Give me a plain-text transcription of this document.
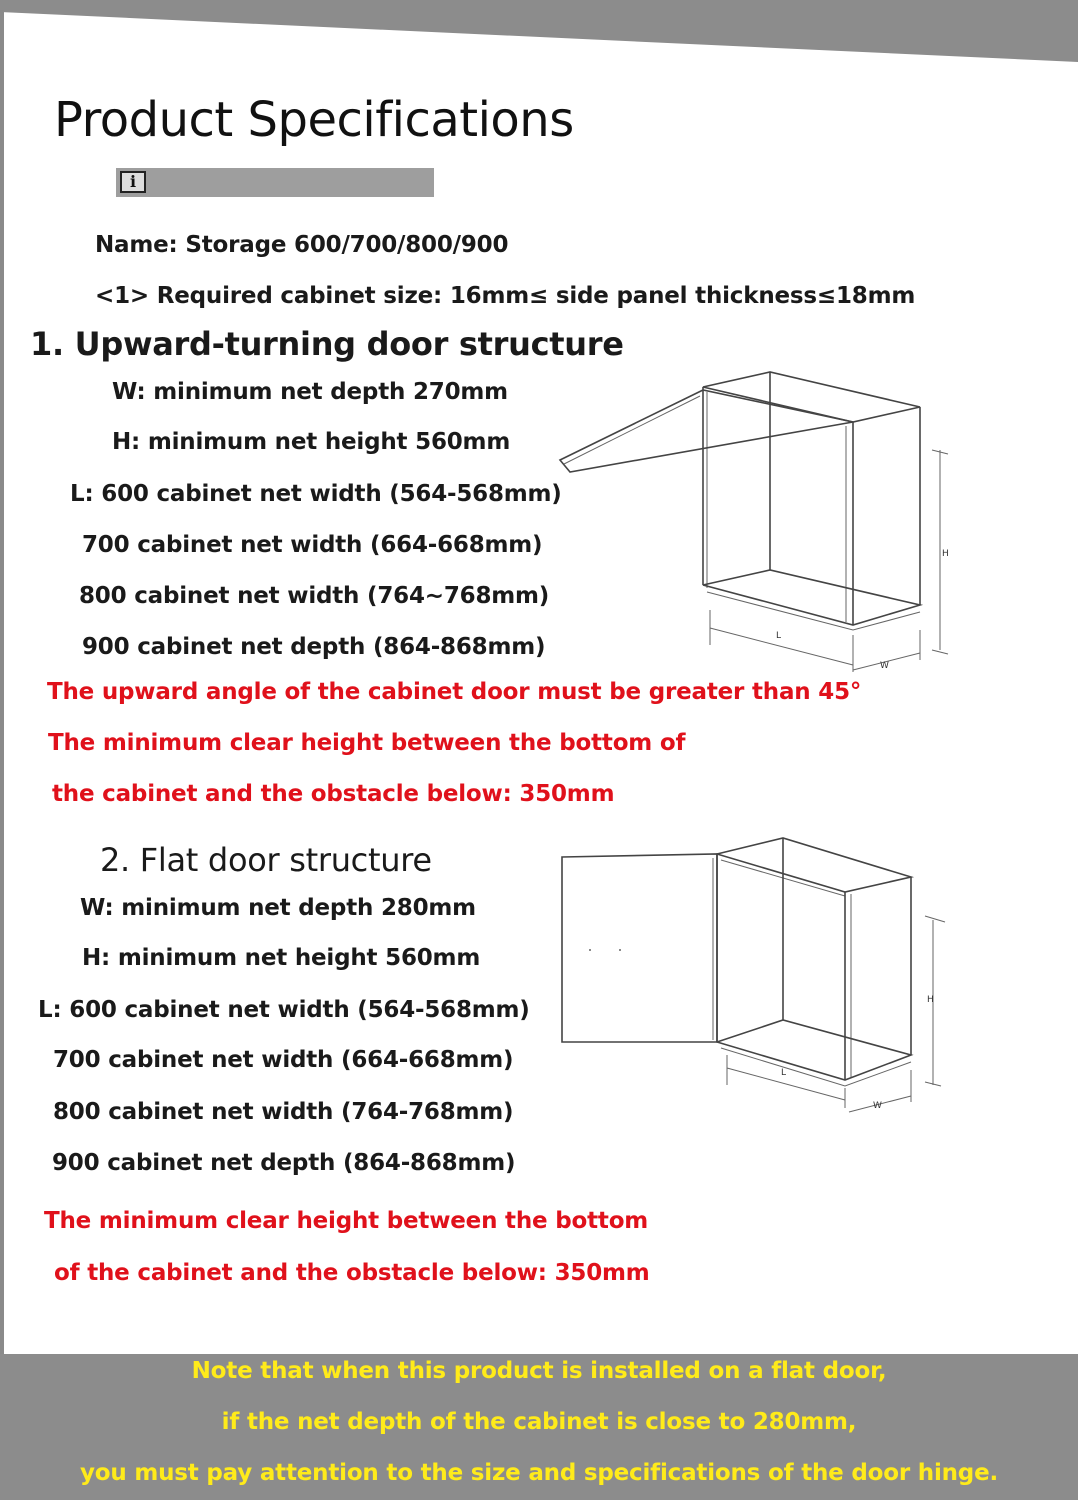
Product Specifications
i
Name: Storage 600/700/800/900
<1> Required cabinet size: 16mm≤ side panel thickness≤18mm
1. Upward-turning door structure
W: minimum net depth 270mm
H: minimum net height 560mm
L: 600 cabinet net width (564-568mm)
700 cabinet net width (664-668mm)
800 cabinet net width (764~768mm)
900 cabinet net depth (864-868mm)
The upward angle of the cabinet door must be greater than 45°
The minimum clear height between the bottom of
the cabinet and the obstacle below: 350mm
H
L
W
2. Flat door structure
W: minimum net depth 280mm
H: minimum net height 560mm
L: 600 cabinet net width (564-568mm)
700 cabinet net width (664-668mm)
800 cabinet net width (764-768mm)
900 cabinet net depth (864-868mm)
The minimum clear height between the bottom
of the cabinet and the obstacle below: 350mm
H
L
W
Note that when this product is installed on a flat door,
if the net depth of the cabinet is close to 280mm,
you must pay attention to the size and specifications of the door hinge.
